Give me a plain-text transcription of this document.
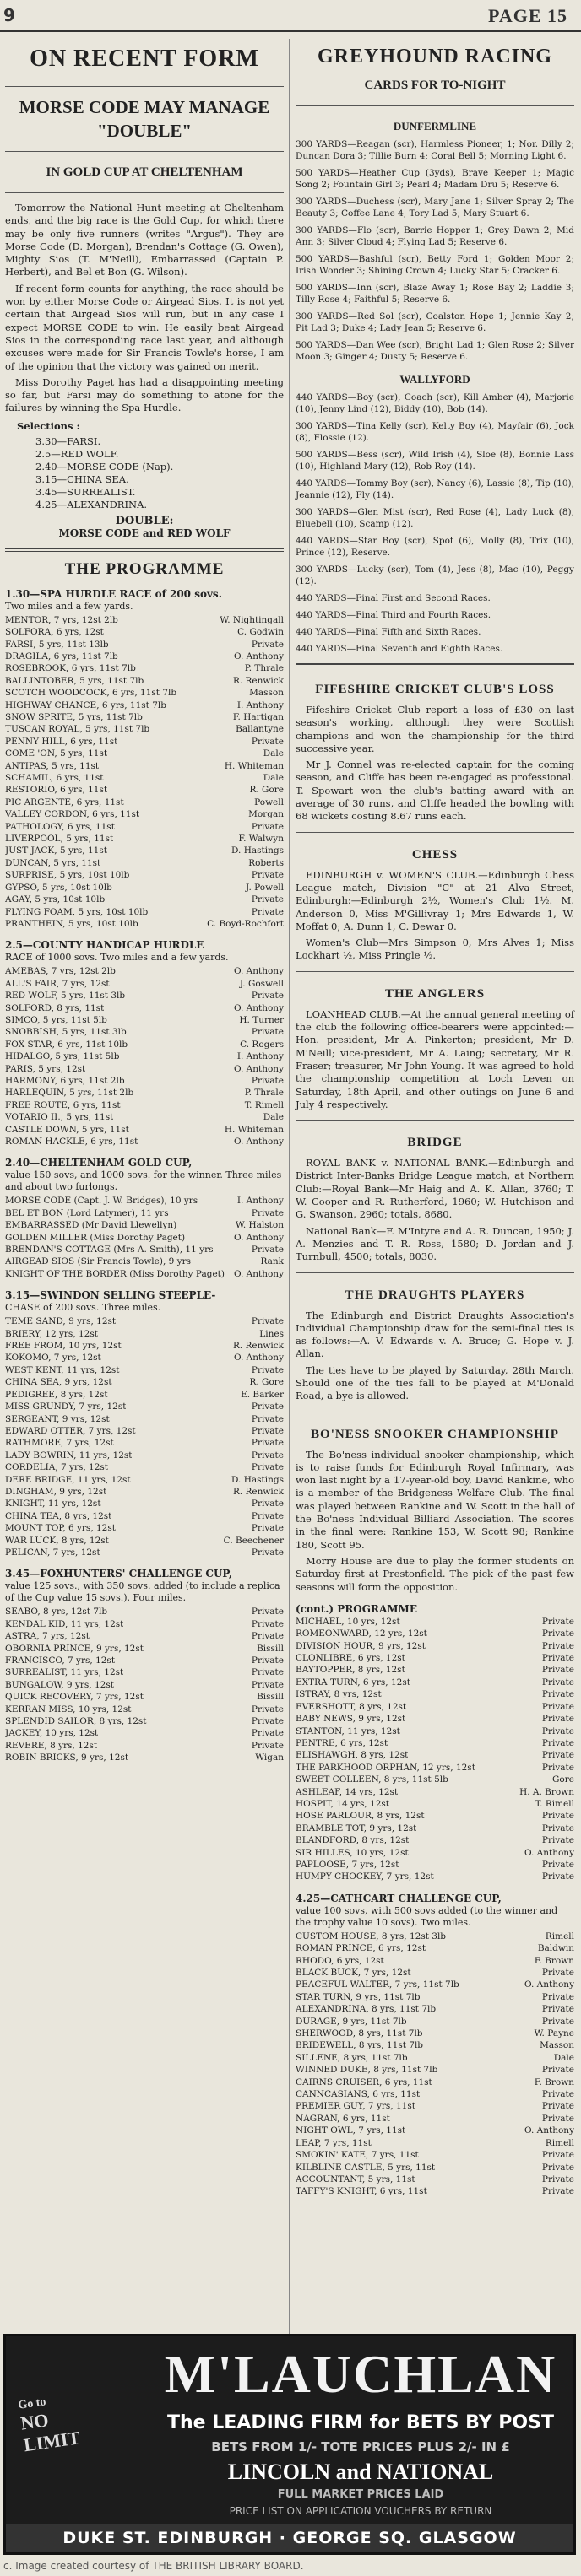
9	PAGE 15
ON RECENT FORM
MORSE CODE MAY MANAGE
"DOUBLE"
IN GOLD CUP AT CHELTENHAM

Tomorrow the National Hunt meeting at Cheltenham ends, and the big race is the Gold Cup, for which there may be only five runners (writes "Argus"). They are Morse Code (D. Morgan), Brendan's Cottage (G. Owen), Mighty Sios (T. M'Neill), Embarrassed (Captain P. Herbert), and Bel et Bon (G. Wilson).

If recent form counts for anything, the race should be won by either Morse Code or Airgead Sios. It is not yet certain that Airgead Sios will run, but in any case I expect MORSE CODE to win. He easily beat Airgead Sios in the corresponding race last year, and although excuses were made for Sir Francis Towle's horse, I am of the opinion that the victory was gained on merit.

Miss Dorothy Paget has had a disappointing meeting so far, but Farsi may do something to atone for the failures by winning the Spa Hurdle.

Selections :
3.30—FARSI.
2.5—RED WOLF.
2.40—MORSE CODE (Nap).
3.15—CHINA SEA.
3.45—SURREALIST.
4.25—ALEXANDRINA.
DOUBLE:
MORSE CODE and RED WOLF
THE PROGRAMME
1.30—SPA HURDLE RACE of 200 sovs.
Two miles and a few yards.
MENTOR, 7 yrs, 12st 2lb	W. Nightingall
SOLFORA, 6 yrs, 12st	C. Godwin
FARSI, 5 yrs, 11st 13lb	Private
DRAGILA, 6 yrs, 11st 7lb	O. Anthony
ROSEBROOK, 6 yrs, 11st 7lb	P. Thrale
BALLINTOBER, 5 yrs, 11st 7lb	R. Renwick
SCOTCH WOODCOCK, 6 yrs, 11st 7lb	Masson
HIGHWAY CHANCE, 6 yrs, 11st 7lb	I. Anthony
SNOW SPRITE, 5 yrs, 11st 7lb	F. Hartigan
TUSCAN ROYAL, 5 yrs, 11st 7lb	Ballantyne
PENNY HILL, 6 yrs, 11st	Private
COME 'ON, 5 yrs, 11st	Dale
ANTIPAS, 5 yrs, 11st	H. Whiteman
SCHAMIL, 6 yrs, 11st	Dale
RESTORIO, 6 yrs, 11st	R. Gore
PIC ARGENTE, 6 yrs, 11st	Powell
VALLEY CORDON, 6 yrs, 11st	Morgan
PATHOLOGY, 6 yrs, 11st	Private
LIVERPOOL, 5 yrs, 11st	F. Walwyn
JUST JACK, 5 yrs, 11st	D. Hastings
DUNCAN, 5 yrs, 11st	Roberts
SURPRISE, 5 yrs, 10st 10lb	Private
GYPSO, 5 yrs, 10st 10lb	J. Powell
AGAY, 5 yrs, 10st 10lb	Private
FLYING FOAM, 5 yrs, 10st 10lb	Private
PRANTHEIN, 5 yrs, 10st 10lb	C. Boyd-Rochfort
2.5—COUNTY HANDICAP HURDLE
RACE of 1000 sovs. Two miles and a few yards.
AMEBAS, 7 yrs, 12st 2lb	O. Anthony
ALL'S FAIR, 7 yrs, 12st	J. Goswell
RED WOLF, 5 yrs, 11st 3lb	Private
SOLFORD, 8 yrs, 11st	O. Anthony
SIMCO, 5 yrs, 11st 5lb	H. Turner
SNOBBISH, 5 yrs, 11st 3lb	Private
FOX STAR, 6 yrs, 11st 10lb	C. Rogers
HIDALGO, 5 yrs, 11st 5lb	I. Anthony
PARIS, 5 yrs, 12st	O. Anthony
HARMONY, 6 yrs, 11st 2lb	Private
HARLEQUIN, 5 yrs, 11st 2lb	P. Thrale
FREE ROUTE, 6 yrs, 11st	T. Rimell
VOTARIO II., 5 yrs, 11st	Dale
CASTLE DOWN, 5 yrs, 11st	H. Whiteman
ROMAN HACKLE, 6 yrs, 11st	O. Anthony
2.40—CHELTENHAM GOLD CUP,
value 150 sovs, and 1000 sovs. for the winner. Three miles and about two furlongs.
MORSE CODE (Capt. J. W. Bridges), 10 yrs	I. Anthony
BEL ET BON (Lord Latymer), 11 yrs	Private
EMBARRASSED (Mr David Llewellyn)	W. Halston
GOLDEN MILLER (Miss Dorothy Paget)	O. Anthony
BRENDAN'S COTTAGE (Mrs A. Smith), 11 yrs	Private
AIRGEAD SIOS (Sir Francis Towle), 9 yrs	Rank
KNIGHT OF THE BORDER (Miss Dorothy Paget)	O. Anthony
3.15—SWINDON SELLING STEEPLE-
CHASE of 200 sovs. Three miles.
TEME SAND, 9 yrs, 12st	Private
BRIERY, 12 yrs, 12st	Lines
FREE FROM, 10 yrs, 12st	R. Renwick
KOKOMO, 7 yrs, 12st	O. Anthony
WEST KENT, 11 yrs, 12st	Private
CHINA SEA, 9 yrs, 12st	R. Gore
PEDIGREE, 8 yrs, 12st	E. Barker
MISS GRUNDY, 7 yrs, 12st	Private
SERGEANT, 9 yrs, 12st	Private
EDWARD OTTER, 7 yrs, 12st	Private
RATHMORE, 7 yrs, 12st	Private
LADY BOWRIN, 11 yrs, 12st	Private
CORDELIA, 7 yrs, 12st	Private
DERE BRIDGE, 11 yrs, 12st	D. Hastings
DINGHAM, 9 yrs, 12st	R. Renwick
KNIGHT, 11 yrs, 12st	Private
CHINA TEA, 8 yrs, 12st	Private
MOUNT TOP, 6 yrs, 12st	Private
WAR LUCK, 8 yrs, 12st	C. Beechener
PELICAN, 7 yrs, 12st	Private
3.45—FOXHUNTERS' CHALLENGE CUP,
value 125 sovs., with 350 sovs. added (to include a replica of the Cup value 15 sovs.). Four miles.
SEABO, 8 yrs, 12st 7lb	Private
KENDAL KID, 11 yrs, 12st	Private
ASTRA, 7 yrs, 12st	Private
OBORNIA PRINCE, 9 yrs, 12st	Bissill
FRANCISCO, 7 yrs, 12st	Private
SURREALIST, 11 yrs, 12st	Private
BUNGALOW, 9 yrs, 12st	Private
QUICK RECOVERY, 7 yrs, 12st	Bissill
KERRAN MISS, 10 yrs, 12st	Private
SPLENDID SAILOR, 8 yrs, 12st	Private
JACKEY, 10 yrs, 12st	Private
REVERE, 8 yrs, 12st	Private
ROBIN BRICKS, 9 yrs, 12st	Wigan
GREYHOUND RACING
CARDS FOR TO-NIGHT
DUNFERMLINE

300 YARDS—Reagan (scr), Harmless Pioneer, 1; Nor. Dilly 2; Duncan Dora 3; Tillie Burn 4; Coral Bell 5; Morning Light 6.

500 YARDS—Heather Cup (3yds), Brave Keeper 1; Magic Song 2; Fountain Girl 3; Pearl 4; Madam Dru 5; Reserve 6.

300 YARDS—Duchess (scr), Mary Jane 1; Silver Spray 2; The Beauty 3; Coffee Lane 4; Tory Lad 5; Mary Stuart 6.

300 YARDS—Flo (scr), Barrie Hopper 1; Grey Dawn 2; Mid Ann 3; Silver Cloud 4; Flying Lad 5; Reserve 6.

500 YARDS—Bashful (scr), Betty Ford 1; Golden Moor 2; Irish Wonder 3; Shining Crown 4; Lucky Star 5; Cracker 6.

500 YARDS—Inn (scr), Blaze Away 1; Rose Bay 2; Laddie 3; Tilly Rose 4; Faithful 5; Reserve 6.

300 YARDS—Red Sol (scr), Coalston Hope 1; Jennie Kay 2; Pit Lad 3; Duke 4; Lady Jean 5; Reserve 6.

500 YARDS—Dan Wee (scr), Bright Lad 1; Glen Rose 2; Silver Moon 3; Ginger 4; Dusty 5; Reserve 6.

WALLYFORD

440 YARDS—Boy (scr), Coach (scr), Kill Amber (4), Marjorie (10), Jenny Lind (12), Biddy (10), Bob (14).

300 YARDS—Tina Kelly (scr), Kelty Boy (4), Mayfair (6), Jock (8), Flossie (12).

500 YARDS—Bess (scr), Wild Irish (4), Sloe (8), Bonnie Lass (10), Highland Mary (12), Rob Roy (14).

440 YARDS—Tommy Boy (scr), Nancy (6), Lassie (8), Tip (10), Jeannie (12), Fly (14).

300 YARDS—Glen Mist (scr), Red Rose (4), Lady Luck (8), Bluebell (10), Scamp (12).

440 YARDS—Star Boy (scr), Spot (6), Molly (8), Trix (10), Prince (12), Reserve.

300 YARDS—Lucky (scr), Tom (4), Jess (8), Mac (10), Peggy (12).

440 YARDS—Final First and Second Races.

440 YARDS—Final Third and Fourth Races.

440 YARDS—Final Fifth and Sixth Races.

440 YARDS—Final Seventh and Eighth Races.

FIFESHIRE CRICKET CLUB'S LOSS

Fifeshire Cricket Club report a loss of £30 on last season's working, although they were Scottish champions and won the championship for the third successive year.

Mr J. Connel was re-elected captain for the coming season, and Cliffe has been re-engaged as professional. T. Spowart won the club's batting award with an average of 30 runs, and Cliffe headed the bowling with 68 wickets costing 8.67 runs each.

CHESS

EDINBURGH v. WOMEN'S CLUB.—Edinburgh Chess League match, Division "C" at 21 Alva Street, Edinburgh:—Edinburgh 2½, Women's Club 1½. M. Anderson 0, Miss M'Gillivray 1; Mrs Edwards 1, W. Moffat 0; A. Dunn 1, C. Dewar 0.

Women's Club—Mrs Simpson 0, Mrs Alves 1; Miss Lockhart ½, Miss Pringle ½.

THE ANGLERS

LOANHEAD CLUB.—At the annual general meeting of the club the following office-bearers were appointed:—Hon. president, Mr A. Pinkerton; president, Mr D. M'Neill; vice-president, Mr A. Laing; secretary, Mr R. Fraser; treasurer, Mr John Young. It was agreed to hold the championship competition at Loch Leven on Saturday, 18th April, and other outings on June 6 and July 4 respectively.

BRIDGE

ROYAL BANK v. NATIONAL BANK.—Edinburgh and District Inter-Banks Bridge League match, at Northern Club:—Royal Bank—Mr Haig and A. K. Allan, 3760; T. W. Cooper and R. Rutherford, 1960; W. Hutchison and G. Swanson, 2960; totals, 8680.

National Bank—F. M'Intyre and A. R. Duncan, 1950; J. A. Menzies and T. R. Ross, 1580; D. Jordan and J. Turnbull, 4500; totals, 8030.

THE DRAUGHTS PLAYERS

The Edinburgh and District Draughts Association's Individual Championship draw for the semi-final ties is as follows:—A. V. Edwards v. A. Bruce; G. Hope v. J. Allan.

The ties have to be played by Saturday, 28th March. Should one of the ties fall to be played at M'Donald Road, a bye is allowed.

BO'NESS SNOOKER CHAMPIONSHIP

The Bo'ness individual snooker championship, which is to raise funds for Edinburgh Royal Infirmary, was won last night by a 17-year-old boy, David Rankine, who is a member of the Bridgeness Welfare Club. The final was played between Rankine and W. Scott in the hall of the Bo'ness Individual Billiard Association. The scores in the final were: Rankine 153, W. Scott 98; Rankine 180, Scott 95.

Morry House are due to play the former students on Saturday first at Prestonfield. The pick of the past few seasons will form the opposition.

(cont.) PROGRAMME
MICHAEL, 10 yrs, 12st	Private
ROMEONWARD, 12 yrs, 12st	Private
DIVISION HOUR, 9 yrs, 12st	Private
CLONLIBRE, 6 yrs, 12st	Private
BAYTOPPER, 8 yrs, 12st	Private
EXTRA TURN, 6 yrs, 12st	Private
ISTRAY, 8 yrs, 12st	Private
EVERSHOTT, 8 yrs, 12st	Private
BABY NEWS, 9 yrs, 12st	Private
STANTON, 11 yrs, 12st	Private
PENTRE, 6 yrs, 12st	Private
ELISHAWGH, 8 yrs, 12st	Private
THE PARKHOOD ORPHAN, 12 yrs, 12st	Private
SWEET COLLEEN, 8 yrs, 11st 5lb	Gore
ASHLEAF, 14 yrs, 12st	H. A. Brown
HOSPIT, 14 yrs, 12st	T. Rimell
HOSE PARLOUR, 8 yrs, 12st	Private
BRAMBLE TOT, 9 yrs, 12st	Private
BLANDFORD, 8 yrs, 12st	Private
SIR HILLES, 10 yrs, 12st	O. Anthony
PAPLOOSE, 7 yrs, 12st	Private
HUMPY CHOCKEY, 7 yrs, 12st	Private
4.25—CATHCART CHALLENGE CUP,
value 100 sovs, with 500 sovs added (to the winner and the trophy value 10 sovs). Two miles.
CUSTOM HOUSE, 8 yrs, 12st 3lb	Rimell
ROMAN PRINCE, 6 yrs, 12st	Baldwin
RHODO, 6 yrs, 12st	F. Brown
BLACK BUCK, 7 yrs, 12st	Private
PEACEFUL WALTER, 7 yrs, 11st 7lb	O. Anthony
STAR TURN, 9 yrs, 11st 7lb	Private
ALEXANDRINA, 8 yrs, 11st 7lb	Private
DURAGE, 9 yrs, 11st 7lb	Private
SHERWOOD, 8 yrs, 11st 7lb	W. Payne
BRIDEWELL, 8 yrs, 11st 7lb	Masson
SILLENE, 8 yrs, 11st 7lb	Dale
WINNED DUKE, 8 yrs, 11st 7lb	Private
CAIRNS CRUISER, 6 yrs, 11st	F. Brown
CANNCASIANS, 6 yrs, 11st	Private
PREMIER GUY, 7 yrs, 11st	Private
NAGRAN, 6 yrs, 11st	Private
NIGHT OWL, 7 yrs, 11st	O. Anthony
LEAP, 7 yrs, 11st	Rimell
SMOKIN' KATE, 7 yrs, 11st	Private
KILBLINE CASTLE, 5 yrs, 11st	Private
ACCOUNTANT, 5 yrs, 11st	Private
TAFFY'S KNIGHT, 6 yrs, 11st	Private
Go to
NO
LIMIT
M'LAUCHLAN
The LEADING FIRM for BETS BY POST
BETS FROM 1/- TOTE PRICES PLUS 2/- IN £
LINCOLN and NATIONAL
FULL MARKET PRICES LAID
PRICE LIST ON APPLICATION VOUCHERS BY RETURN
DUKE ST. EDINBURGH · GEORGE SQ. GLASGOW
c. Image created courtesy of THE BRITISH LIBRARY BOARD.
